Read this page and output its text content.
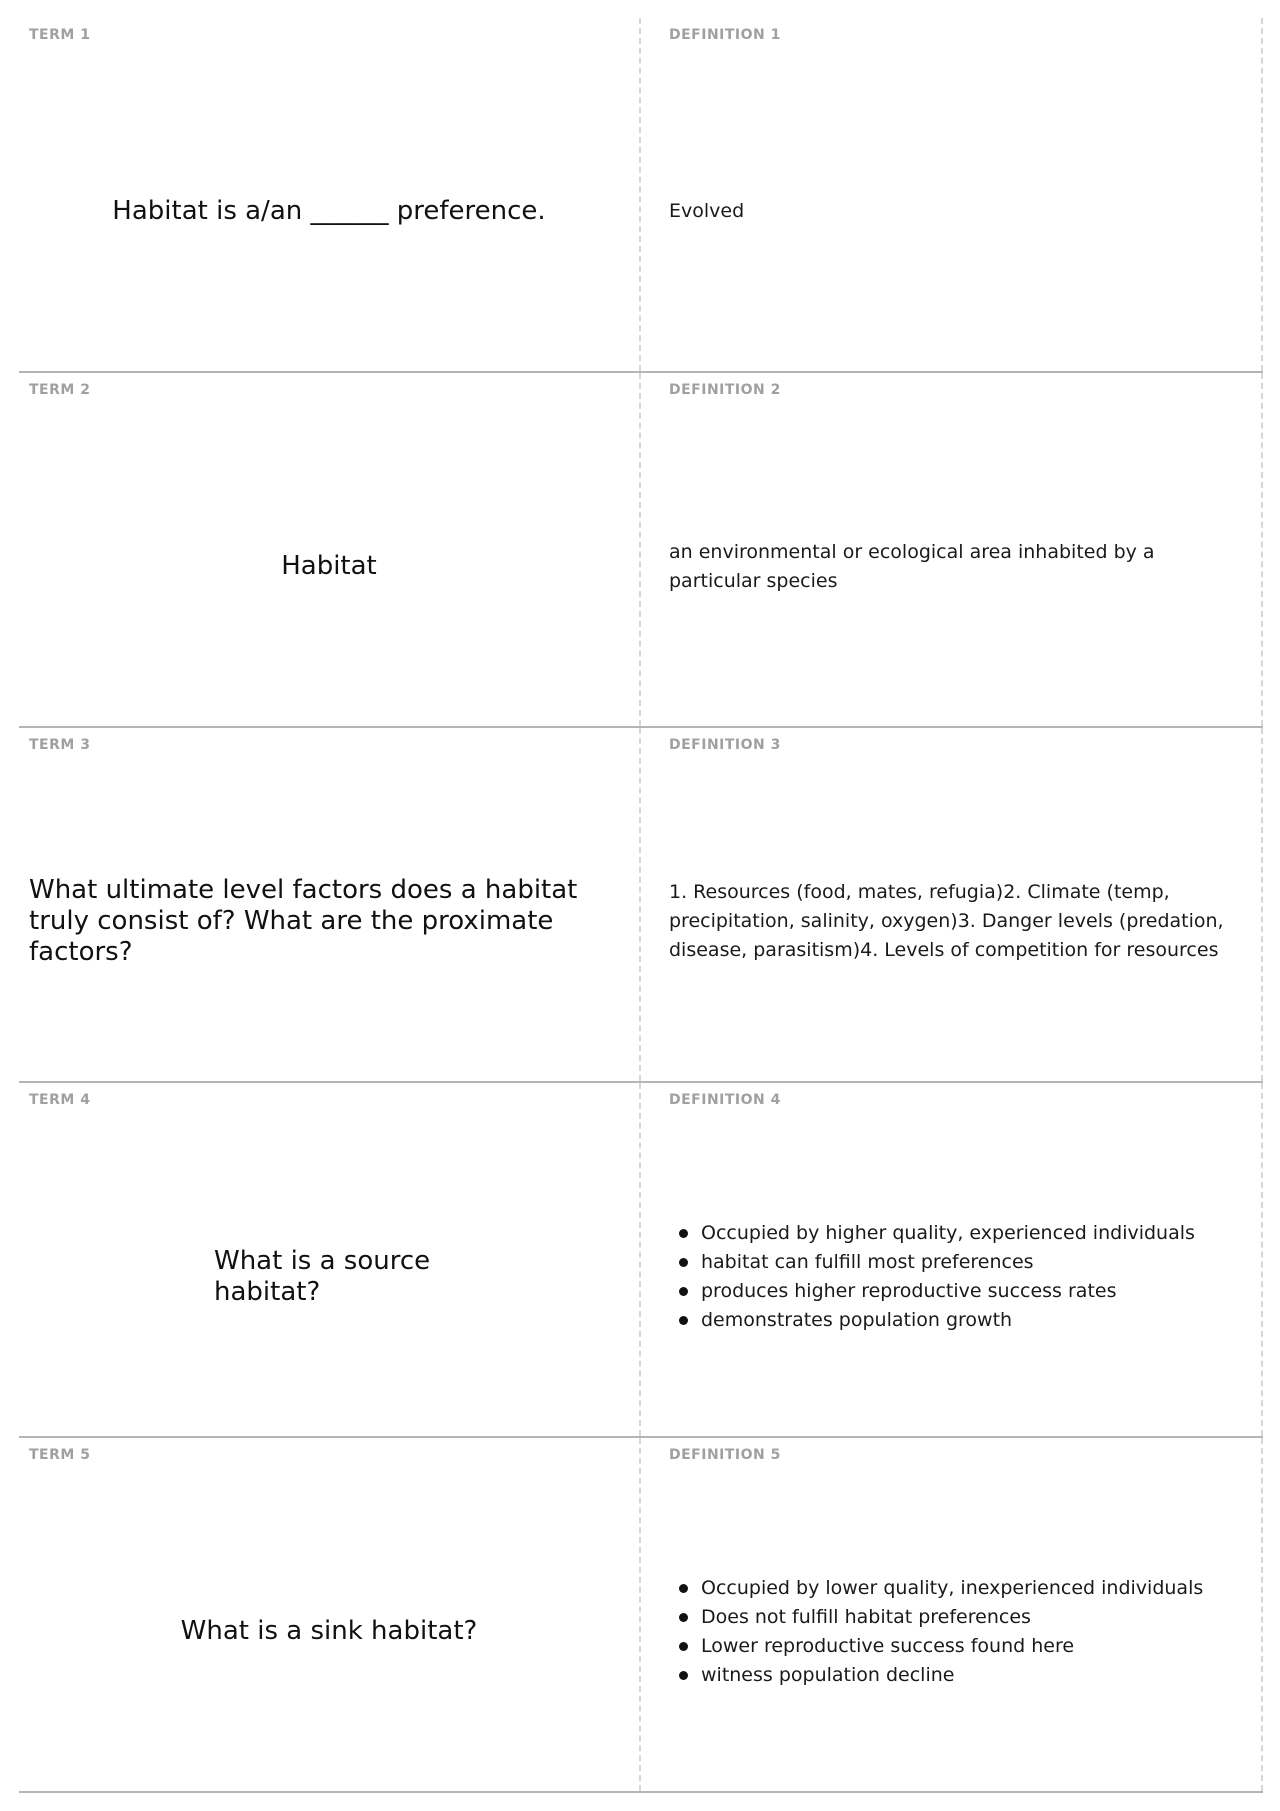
TERM 1

Habitat is a/an ______ preference.

DEFINITION 1

Evolved

TERM 2

Habitat

DEFINITION 2

an environmental or ecological area inhabited by a particular species

TERM 3

What ultimate level factors does a habitat truly consist of? What are the proximate factors?

DEFINITION 3

1. Resources (food, mates, refugia)2. Climate (temp, precipitation, salinity, oxygen)3. Danger levels (predation, disease, parasitism)4. Levels of competition for resources

TERM 4

What is a source habitat?

DEFINITION 4

Occupied by higher quality, experienced individuals
habitat can fulfill most preferences
produces higher reproductive success rates
demonstrates population growth

TERM 5

What is a sink habitat?

DEFINITION 5

Occupied by lower quality, inexperienced individuals
Does not fulfill habitat preferences
Lower reproductive success found here
witness population decline
